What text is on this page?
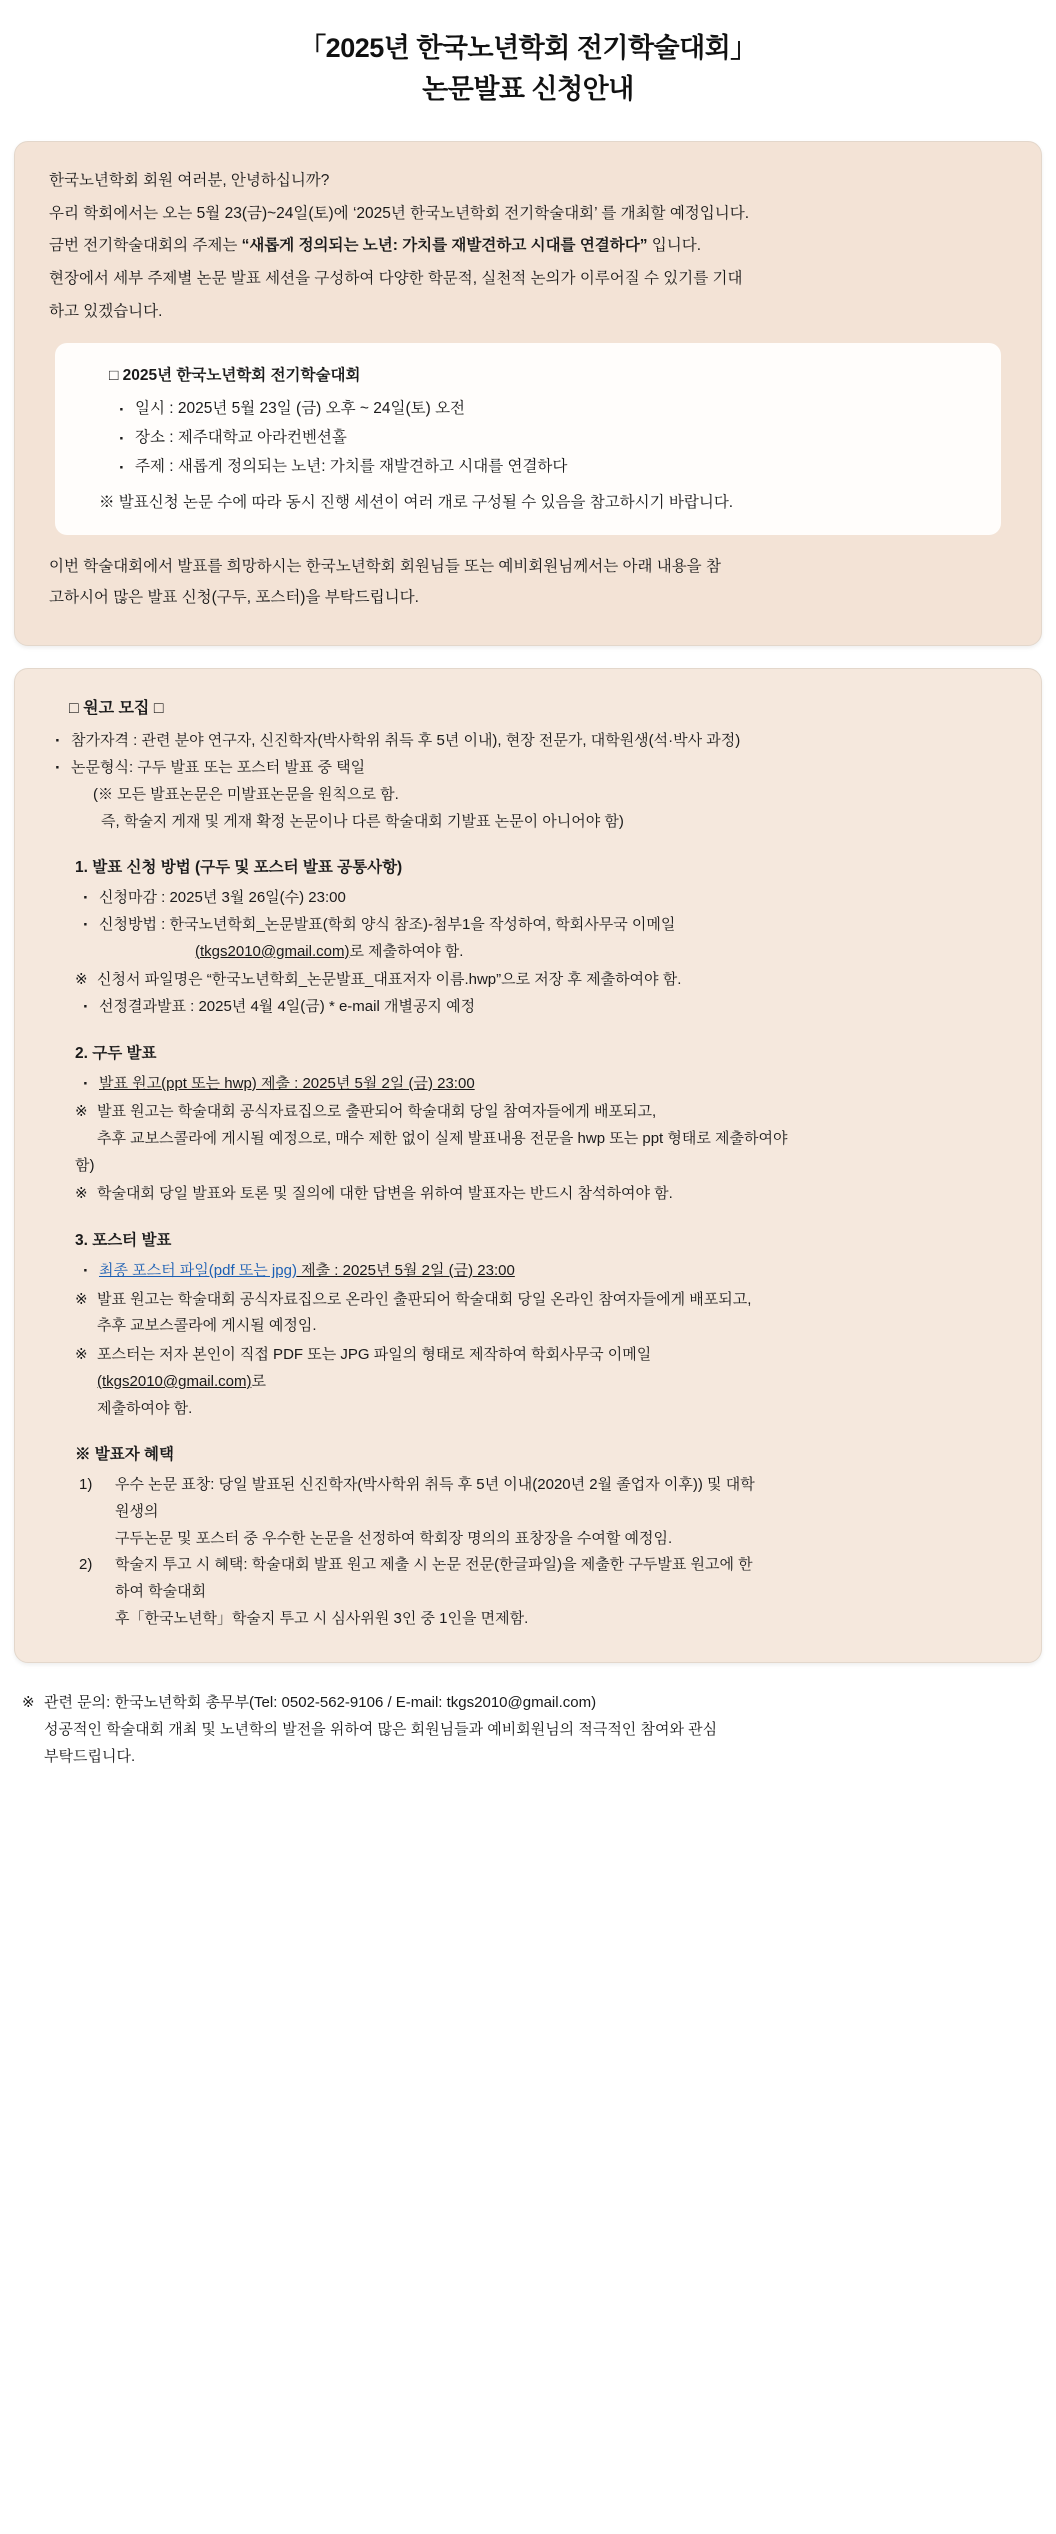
「2025년 한국노년학회 전기학술대회」
논문발표 신청안내

한국노년학회 회원 여러분, 안녕하십니까?

우리 학회에서는 오는 5월 23(금)~24일(토)에 ‘2025년 한국노년학회 전기학술대회’ 를 개최할 예정입니다.

금번 전기학술대회의 주제는 “새롭게 정의되는 노년: 가치를 재발견하고 시대를 연결하다” 입니다.

현장에서 세부 주제별 논문 발표 세션을 구성하여 다양한 학문적, 실천적 논의가 이루어질 수 있기를 기대

하고 있겠습니다.

□ 2025년 한국노년학회 전기학술대회
· 일시 : 2025년 5월 23일 (금) 오후 ~ 24일(토) 오전
· 장소 : 제주대학교 아라컨벤션홀
· 주제 : 새롭게 정의되는 노년: 가치를 재발견하고 시대를 연결하다
※ 발표신청 논문 수에 따라 동시 진행 세션이 여러 개로 구성될 수 있음을 참고하시기 바랍니다.

이번 학술대회에서 발표를 희망하시는 한국노년학회 회원님들 또는 예비회원님께서는 아래 내용을 참

고하시어 많은 발표 신청(구두, 포스터)을 부탁드립니다.

□ 원고 모집 □
· 참가자격 : 관련 분야 연구자, 신진학자(박사학위 취득 후 5년 이내), 현장 전문가, 대학원생(석·박사 과정)
· 논문형식: 구두 발표 또는 포스터 발표 중 택일
(※ 모든 발표논문은 미발표논문을 원칙으로 함.
즉, 학술지 게재 및 게재 확정 논문이나 다른 학술대회 기발표 논문이 아니어야 함)
1. 발표 신청 방법 (구두 및 포스터 발표 공통사항)
· 신청마감 : 2025년 3월 26일(수) 23:00
· 신청방법 : 한국노년학회_논문발표(학회 양식 참조)-첨부1을 작성하여, 학회사무국 이메일
(tkgs2010@gmail.com)로 제출하여야 함.
※ 신청서 파일명은 “한국노년학회_논문발표_대표저자 이름.hwp”으로 저장 후 제출하여야 함.
· 선정결과발표 : 2025년 4월 4일(금) * e-mail 개별공지 예정
2. 구두 발표
· 발표 원고(ppt 또는 hwp) 제출 : 2025년 5월 2일 (금) 23:00
※ 발표 원고는 학술대회 공식자료집으로 출판되어 학술대회 당일 참여자들에게 배포되고,
추후 교보스콜라에 게시될 예정으로, 매수 제한 없이 실제 발표내용 전문을 hwp 또는 ppt 형태로 제출하여야
함)
※ 학술대회 당일 발표와 토론 및 질의에 대한 답변을 위하여 발표자는 반드시 참석하여야 함.
3. 포스터 발표
· 최종 포스터 파일(pdf 또는 jpg) 제출 : 2025년 5월 2일 (금) 23:00
※ 발표 원고는 학술대회 공식자료집으로 온라인 출판되어 학술대회 당일 온라인 참여자들에게 배포되고,
추후 교보스콜라에 게시될 예정임.
※ 포스터는 저자 본인이 직접 PDF 또는 JPG 파일의 형태로 제작하여 학회사무국 이메일
(tkgs2010@gmail.com)로
제출하여야 함.
※ 발표자 혜택
1) 우수 논문 표창: 당일 발표된 신진학자(박사학위 취득 후 5년 이내(2020년 2월 졸업자 이후)) 및 대학
원생의
구두논문 및 포스터 중 우수한 논문을 선정하여 학회장 명의의 표창장을 수여할 예정임.
2) 학술지 투고 시 혜택: 학술대회 발표 원고 제출 시 논문 전문(한글파일)을 제출한 구두발표 원고에 한
하여 학술대회
후「한국노년학」학술지 투고 시 심사위원 3인 중 1인을 면제함.
※ 관련 문의: 한국노년학회 총무부(Tel: 0502-562-9106 / E-mail: tkgs2010@gmail.com)
성공적인 학술대회 개최 및 노년학의 발전을 위하여 많은 회원님들과 예비회원님의 적극적인 참여와 관심
부탁드립니다.
